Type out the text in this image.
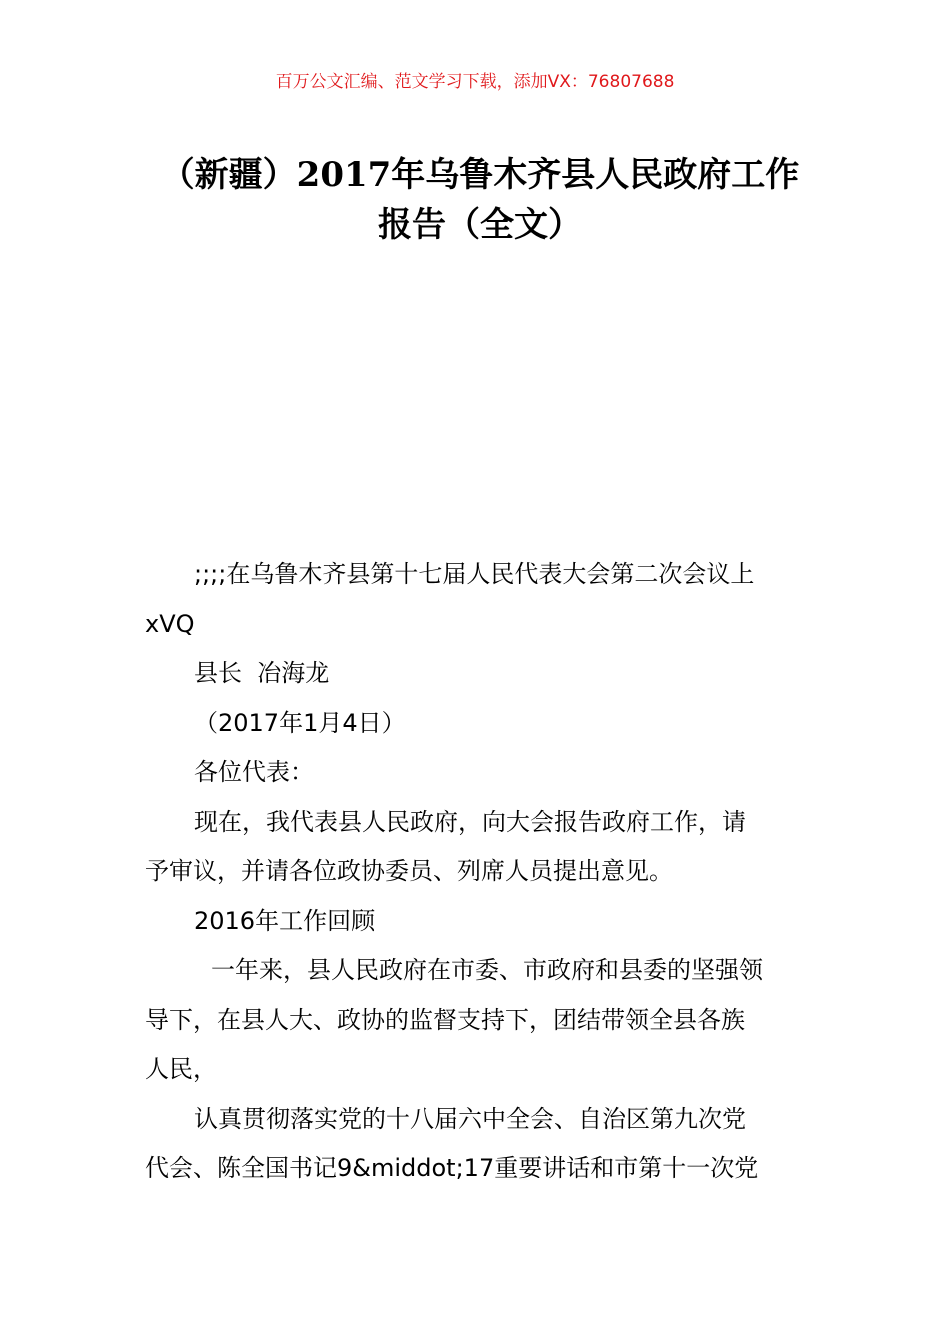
百万公文汇编、范文学习下载，添加VX：76807688
（新疆）2017年乌鲁木齐县人民政府工作
报告（全文）
;;;;在乌鲁木齐县第十七届人民代表大会第二次会议上
xVQ
县长  冶海龙
（2017年1月4日）
各位代表：
现在，我代表县人民政府，向大会报告政府工作，请
予审议，并请各位政协委员、列席人员提出意见。
2016年工作回顾
一年来，县人民政府在市委、市政府和县委的坚强领
导下，在县人大、政协的监督支持下，团结带领全县各族
人民，
认真贯彻落实党的十八届六中全会、自治区第九次党
代会、陈全国书记9&middot;17重要讲话和市第十一次党
